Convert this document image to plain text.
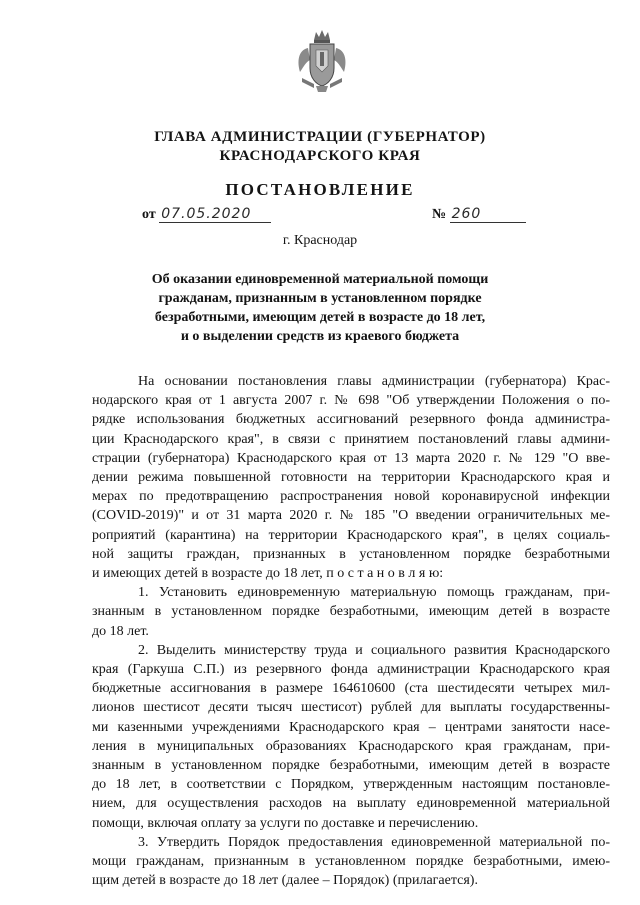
ГЛАВА АДМИНИСТРАЦИИ (ГУБЕРНАТОР)
КРАСНОДАРСКОГО КРАЯ
ПОСТАНОВЛЕНИЕ
от 07.05.2020	№ 260
г. Краснодар
Об оказании единовременной материальной помощи
гражданам, признанным в установленном порядке
безработными, имеющим детей в возрасте до 18 лет,
и о выделении средств из краевого бюджета

На основании постановления главы администрации (губернатора) Крас-
нодарского края от 1 августа 2007 г. № 698 "Об утверждении Положения о по-
рядке использования бюджетных ассигнований резервного фонда администра-
ции Краснодарского края", в связи с принятием постановлений главы админи-
страции (губернатора) Краснодарского края от 13 марта 2020 г. № 129 "О вве-
дении режима повышенной готовности на территории Краснодарского края и
мерах по предотвращению распространения новой коронавирусной инфекции
(COVID-2019)" и от 31 марта 2020 г. № 185 "О введении ограничительных ме-
роприятий (карантина) на территории Краснодарского края", в целях социаль-
ной защиты граждан, признанных в установленном порядке безработными
и имеющих детей в возрасте до 18 лет, п о с т а н о в л я ю:

1. Установить единовременную материальную помощь гражданам, при-
знанным в установленном порядке безработными, имеющим детей в возрасте
до 18 лет.

2. Выделить министерству труда и социального развития Краснодарского
края (Гаркуша С.П.) из резервного фонда администрации Краснодарского края
бюджетные ассигнования в размере 164610600 (ста шестидесяти четырех мил-
лионов шестисот десяти тысяч шестисот) рублей для выплаты государственны-
ми казенными учреждениями Краснодарского края – центрами занятости насе-
ления в муниципальных образованиях Краснодарского края гражданам, при-
знанным в установленном порядке безработными, имеющим детей в возрасте
до 18 лет, в соответствии с Порядком, утвержденным настоящим постановле-
нием, для осуществления расходов на выплату единовременной материальной
помощи, включая оплату за услуги по доставке и перечислению.

3. Утвердить Порядок предоставления единовременной материальной по-
мощи гражданам, признанным в установленном порядке безработными, имею-
щим детей в возрасте до 18 лет (далее – Порядок) (прилагается).
